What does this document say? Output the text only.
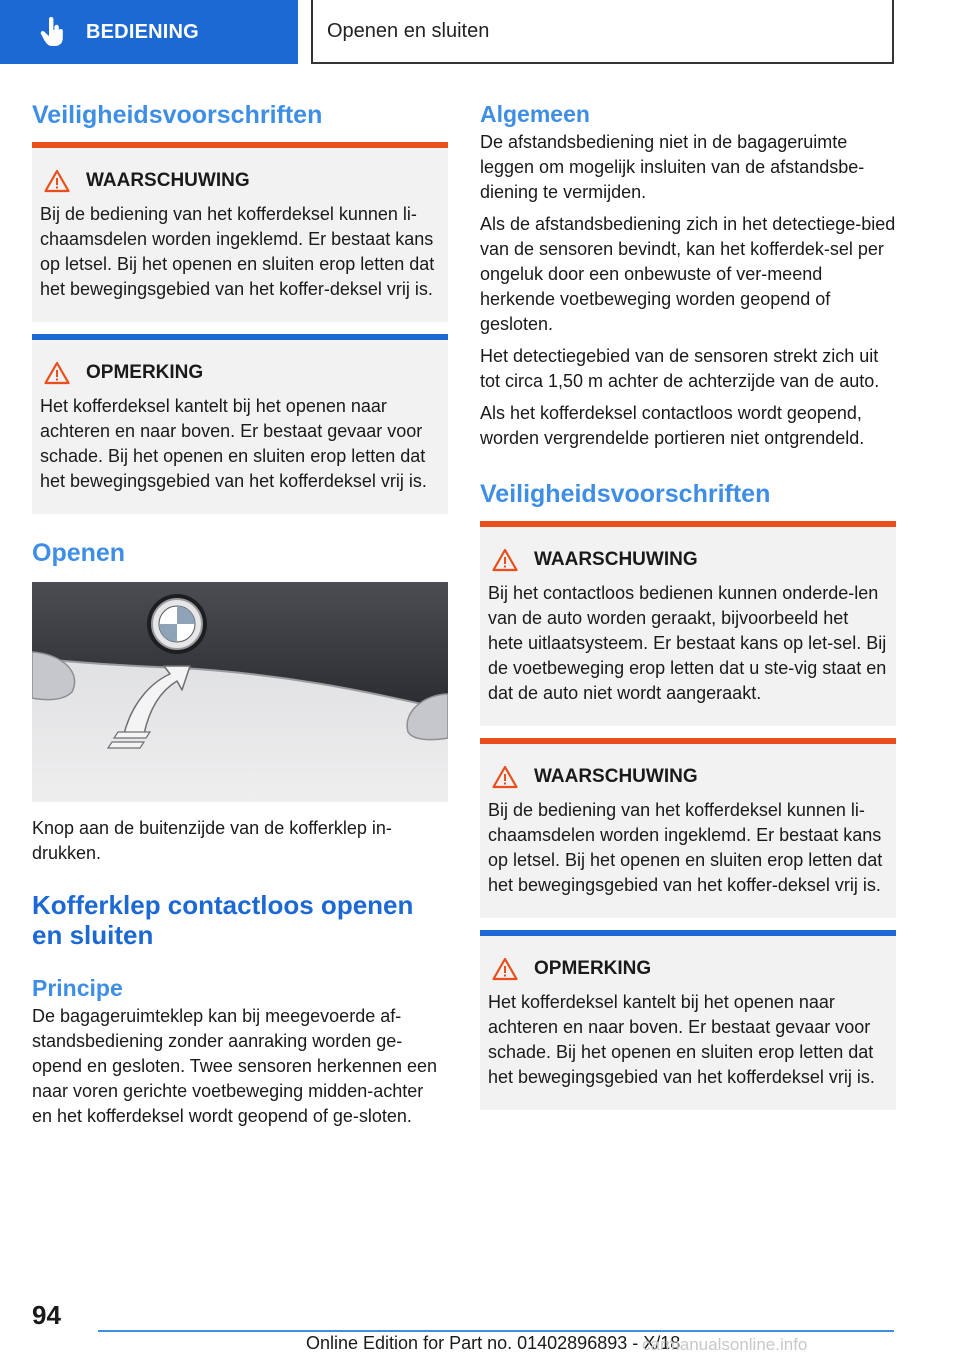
BEDIENING	Openen en sluiten
Veiligheidsvoorschriften
WAARSCHUWING

Bij de bediening van het kofferdeksel kunnen li-chaamsdelen worden ingeklemd. Er bestaat kans op letsel. Bij het openen en sluiten erop letten dat het bewegingsgebied van het koffer-deksel vrij is.

OPMERKING

Het kofferdeksel kantelt bij het openen naar achteren en naar boven. Er bestaat gevaar voor schade. Bij het openen en sluiten erop letten dat het bewegingsgebied van het kofferdeksel vrij is.

Openen

Knop aan de buitenzijde van de kofferklep in-drukken.

Kofferklep contactloos openen en sluiten
Principe

De bagageruimteklep kan bij meegevoerde af-standsbediening zonder aanraking worden ge-opend en gesloten. Twee sensoren herkennen een naar voren gerichte voetbeweging midden-achter en het kofferdeksel wordt geopend of ge-sloten.

Algemeen

De afstandsbediening niet in de bagageruimte leggen om mogelijk insluiten van de afstandsbe-diening te vermijden.

Als de afstandsbediening zich in het detectiege-bied van de sensoren bevindt, kan het kofferdek-sel per ongeluk door een onbewuste of ver-meend herkende voetbeweging worden geopend of gesloten.

Het detectiegebied van de sensoren strekt zich uit tot circa 1,50 m achter de achterzijde van de auto.

Als het kofferdeksel contactloos wordt geopend, worden vergrendelde portieren niet ontgrendeld.

Veiligheidsvoorschriften
WAARSCHUWING

Bij het contactloos bedienen kunnen onderde-len van de auto worden geraakt, bijvoorbeeld het hete uitlaatsysteem. Er bestaat kans op let-sel. Bij de voetbeweging erop letten dat u ste-vig staat en dat de auto niet wordt aangeraakt.

WAARSCHUWING

Bij de bediening van het kofferdeksel kunnen li-chaamsdelen worden ingeklemd. Er bestaat kans op letsel. Bij het openen en sluiten erop letten dat het bewegingsgebied van het koffer-deksel vrij is.

OPMERKING

Het kofferdeksel kantelt bij het openen naar achteren en naar boven. Er bestaat gevaar voor schade. Bij het openen en sluiten erop letten dat het bewegingsgebied van het kofferdeksel vrij is.

94
Online Edition for Part no. 01402896893 - X/18
carmanualsonline.info
